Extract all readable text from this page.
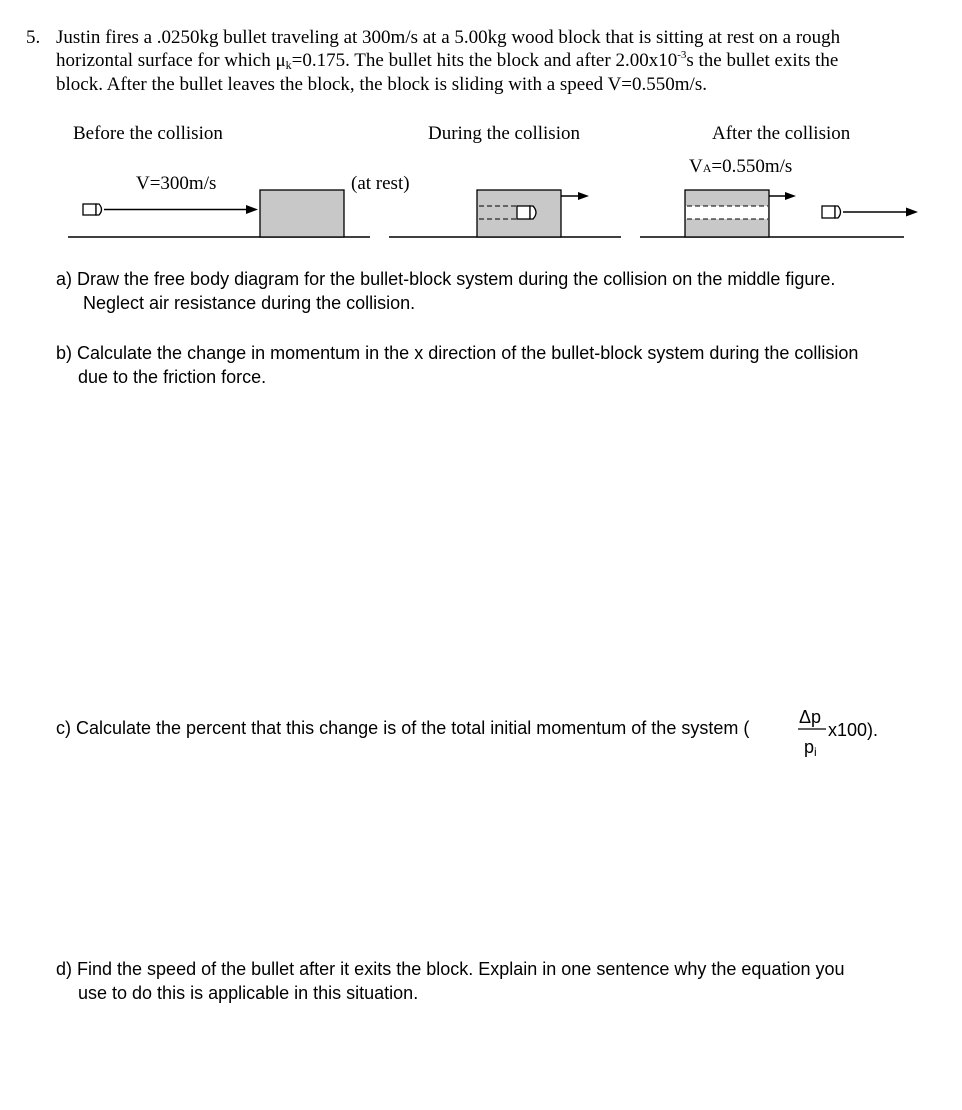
5. Justin fires a .0250kg bullet traveling at 300m/s at a 5.00kg wood block that is sitting at rest on a rough
horizontal surface for which $\mu_k=0.175$. The bullet hits the block and after $2.00x10^{-3}s$ the bullet exits the
block. After the bullet leaves the block, the block is sliding with a speed V=0.550m/s.
Before the collision	During the collision	After the collision
V=300m/s	(at rest)
VA=0.550m/s
a) Draw the free body diagram for the bullet-block system during the collision on the middle figure.
Neglect air resistance during the collision.
b) Calculate the change in momentum in the x direction of the bullet-block system during the collision
due to the friction force.
c) Calculate the percent that this change is of the total initial momentum of the system (
Δp
$p_i$
x100).
d) Find the speed of the bullet after it exits the block. Explain in one sentence why the equation you
use to do this is applicable in this situation.
